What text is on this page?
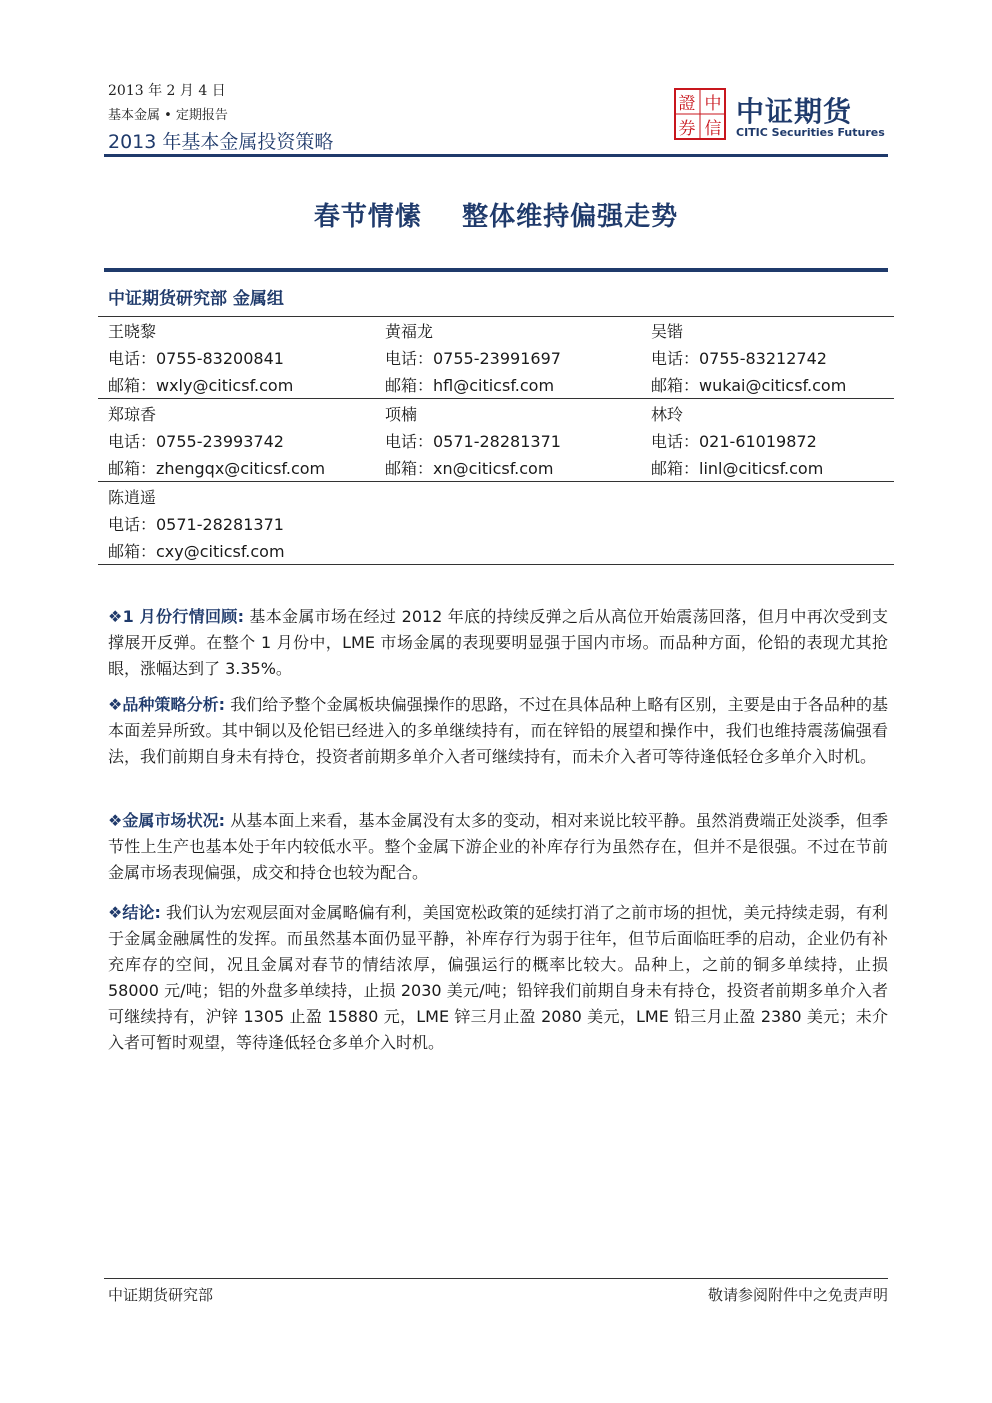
2013 年 2 月 4 日
基本金属 • 定期报告
2013 年基本金属投资策略
證 中
券 信
中证期货
CITIC Securities Futures
春节情愫    整体维持偏强走势
中证期货研究部 金属组
王晓黎
电话：0755-83200841
邮箱：wxly@citicsf.com
黄福龙
电话：0755-23991697
邮箱：hfl@citicsf.com
吴锴
电话：0755-83212742
邮箱：wukai@citicsf.com
郑琼香
电话：0755-23993742
邮箱：zhengqx@citicsf.com
项楠
电话：0571-28281371
邮箱：xn@citicsf.com
林玲
电话：021-61019872
邮箱：linl@citicsf.com
陈逍遥
电话：0571-28281371
邮箱：cxy@citicsf.com
❖1 月份行情回顾: 基本金属市场在经过 2012 年底的持续反弹之后从高位开始震荡回落，但月中再次受到支撑展开反弹。在整个 1 月份中，LME 市场金属的表现要明显强于国内市场。而品种方面，伦铅的表现尤其抢眼，涨幅达到了 3.35%。
❖品种策略分析: 我们给予整个金属板块偏强操作的思路，不过在具体品种上略有区别，主要是由于各品种的基本面差异所致。其中铜以及伦铝已经进入的多单继续持有，而在锌铅的展望和操作中，我们也维持震荡偏强看法，我们前期自身未有持仓，投资者前期多单介入者可继续持有，而未介入者可等待逢低轻仓多单介入时机。
❖金属市场状况: 从基本面上来看，基本金属没有太多的变动，相对来说比较平静。虽然消费端正处淡季，但季节性上生产也基本处于年内较低水平。整个金属下游企业的补库存行为虽然存在，但并不是很强。不过在节前金属市场表现偏强，成交和持仓也较为配合。
❖结论: 我们认为宏观层面对金属略偏有利，美国宽松政策的延续打消了之前市场的担忧，美元持续走弱，有利于金属金融属性的发挥。而虽然基本面仍显平静，补库存行为弱于往年，但节后面临旺季的启动，企业仍有补充库存的空间，况且金属对春节的情结浓厚，偏强运行的概率比较大。品种上，之前的铜多单续持，止损 58000 元/吨；铝的外盘多单续持，止损 2030 美元/吨；铅锌我们前期自身未有持仓，投资者前期多单介入者可继续持有，沪锌 1305 止盈 15880 元，LME 锌三月止盈 2080 美元，LME 铅三月止盈 2380 美元；未介入者可暂时观望，等待逢低轻仓多单介入时机。
中证期货研究部	敬请参阅附件中之免责声明
